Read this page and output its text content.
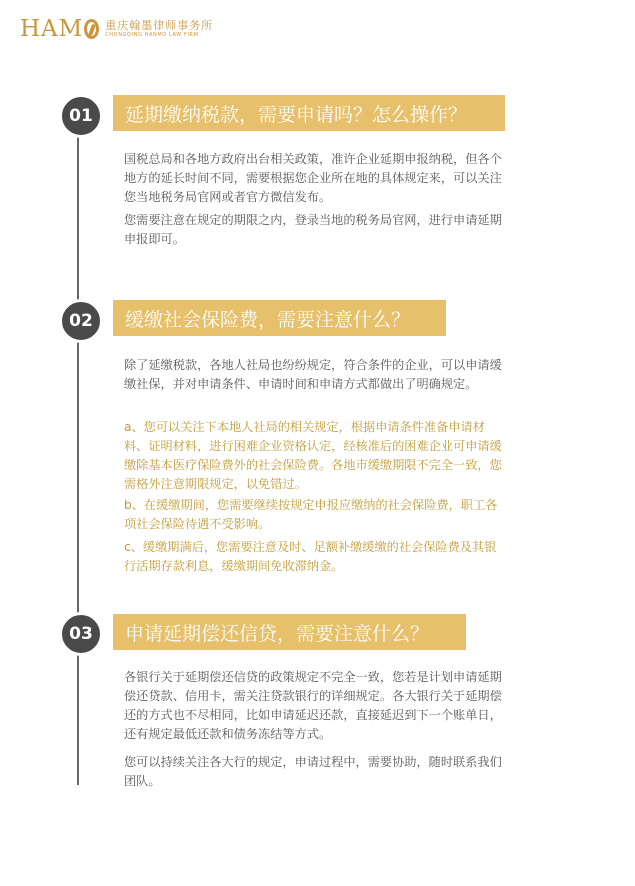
HAM 重庆翰墨律师事务所
CHONGQING HANMO LAW FIRM
01	延期缴纳税款，需要申请吗？怎么操作？

国税总局和各地方政府出台相关政策，准许企业延期申报纳税，但各个地方的延长时间不同，需要根据您企业所在地的具体规定来，可以关注您当地税务局官网或者官方微信发布。

您需要注意在规定的期限之内，登录当地的税务局官网，进行申请延期申报即可。

02	缓缴社会保险费，需要注意什么？

除了延缴税款，各地人社局也纷纷规定，符合条件的企业，可以申请缓缴社保，并对申请条件、申请时间和申请方式都做出了明确规定。

a、您可以关注下本地人社局的相关规定，根据申请条件准备申请材料、证明材料，进行困难企业资格认定，经核准后的困难企业可申请缓缴除基本医疗保险费外的社会保险费。各地市缓缴期限不完全一致，您需格外注意期限规定，以免错过。

b、在缓缴期间，您需要继续按规定申报应缴纳的社会保险费，职工各项社会保险待遇不受影响。

c、缓缴期满后，您需要注意及时、足额补缴缓缴的社会保险费及其银行活期存款利息，缓缴期间免收滞纳金。

03	申请延期偿还信贷，需要注意什么？

各银行关于延期偿还信贷的政策规定不完全一致，您若是计划申请延期偿还贷款、信用卡，需关注贷款银行的详细规定。各大银行关于延期偿还的方式也不尽相同，比如申请延迟还款，直接延迟到下一个账单日，还有规定最低还款和债务冻结等方式。

您可以持续关注各大行的规定，申请过程中，需要协助，随时联系我们团队。
